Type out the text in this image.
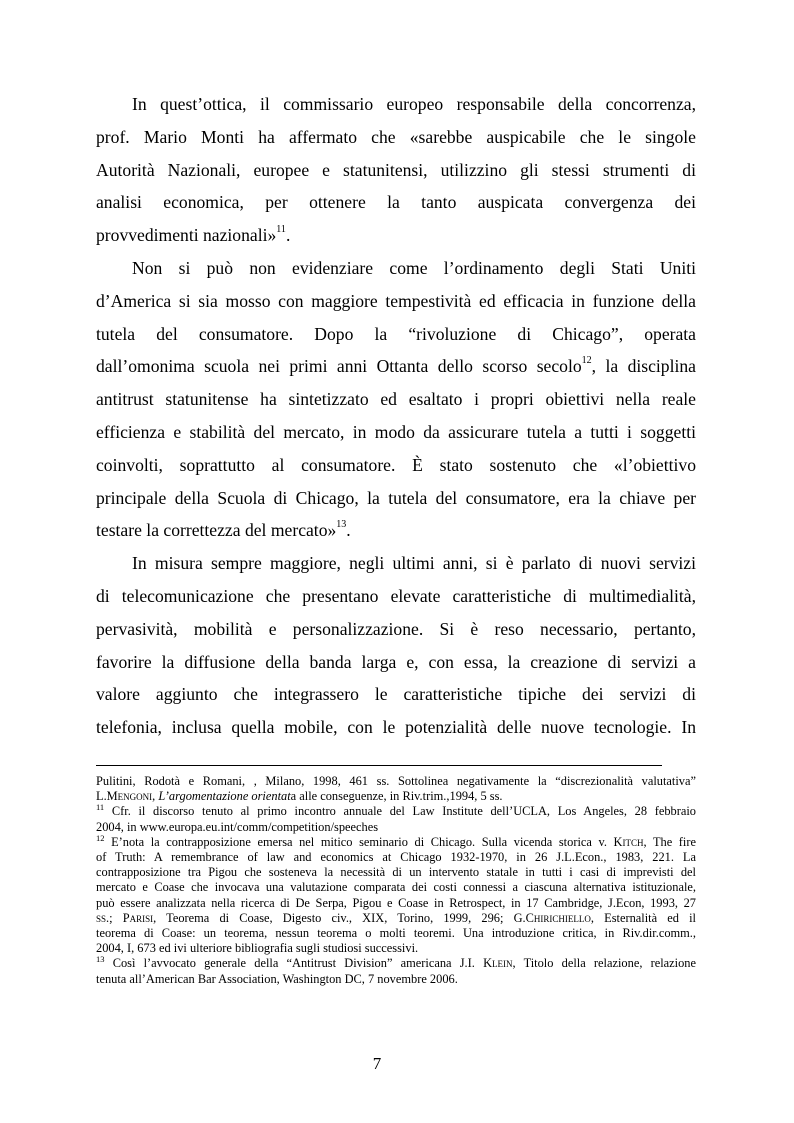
In quest’ottica, il commissario europeo responsabile della concorrenza,
prof. Mario Monti ha affermato che «sarebbe auspicabile che le singole
Autorità Nazionali, europee e statunitensi, utilizzino gli stessi strumenti di
analisi economica, per ottenere la tanto auspicata convergenza dei
provvedimenti nazionali»$^{11}$.

Non si può non evidenziare come l’ordinamento degli Stati Uniti
d’America si sia mosso con maggiore tempestività ed efficacia in funzione della
tutela del consumatore. Dopo la “rivoluzione di Chicago”, operata
dall’omonima scuola nei primi anni Ottanta dello scorso secolo$^{12}$, la disciplina
antitrust statunitense ha sintetizzato ed esaltato i propri obiettivi nella reale
efficienza e stabilità del mercato, in modo da assicurare tutela a tutti i soggetti
coinvolti, soprattutto al consumatore. È stato sostenuto che «l’obiettivo
principale della Scuola di Chicago, la tutela del consumatore, era la chiave per
testare la correttezza del mercato»$^{13}$.

In misura sempre maggiore, negli ultimi anni, si è parlato di nuovi servizi
di telecomunicazione che presentano elevate caratteristiche di multimedialità,
pervasività, mobilità e personalizzazione. Si è reso necessario, pertanto,
favorire la diffusione della banda larga e, con essa, la creazione di servizi a
valore aggiunto che integrassero le caratteristiche tipiche dei servizi di
telefonia, inclusa quella mobile, con le potenzialità delle nuove tecnologie. In

Pulitini, Rodotà e Romani, , Milano, 1998, 461 ss. Sottolinea negativamente la “discrezionalità valutativa”
L.Mengoni, L’argomentazione orientata alle conseguenze, in Riv.trim.,1994, 5 ss.
$^{11}$ Cfr. il discorso tenuto al primo incontro annuale del Law Institute dell’UCLA, Los Angeles, 28 febbraio
2004, in www.europa.eu.int/comm/competition/speeches
$^{12}$ E’nota la contrapposizione emersa nel mitico seminario di Chicago. Sulla vicenda storica v. Kitch, The fire
of Truth: A remembrance of law and economics at Chicago 1932-1970, in 26 J.L.Econ., 1983, 221. La
contrapposizione tra Pigou che sosteneva la necessità di un intervento statale in tutti i casi di imprevisti del
mercato e Coase che invocava una valutazione comparata dei costi connessi a ciascuna alternativa istituzionale,
può essere analizzata nella ricerca di De Serpa, Pigou e Coase in Retrospect, in 17 Cambridge, J.Econ, 1993, 27
ss.; Parisi, Teorema di Coase, Digesto civ., XIX, Torino, 1999, 296; G.Chirichiello, Esternalità ed il
teorema di Coase: un teorema, nessun teorema o molti teoremi. Una introduzione critica, in Riv.dir.comm.,
2004, I, 673 ed ivi ulteriore bibliografia sugli studiosi successivi.
$^{13}$ Così l’avvocato generale della “Antitrust Division” americana J.I. Klein, Titolo della relazione, relazione
tenuta all’American Bar Association, Washington DC, 7 novembre 2006.
7
